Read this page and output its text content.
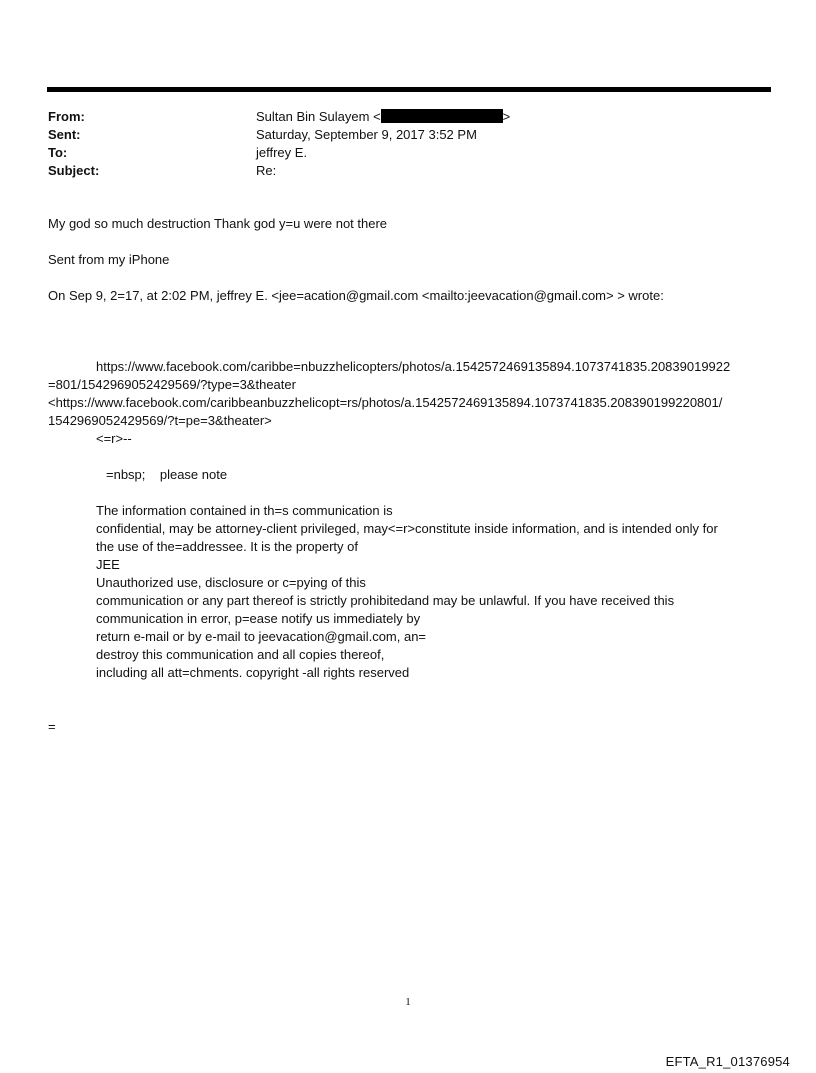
From:	Sultan Bin Sulayem <	>
Sent:	Saturday, September 9, 2017 3:52 PM
To:	jeffrey E.
Subject:	Re:
My god so much destruction Thank god y=u were not there
Sent from my iPhone
On Sep 9, 2=17, at 2:02 PM, jeffrey E. <jee=acation@gmail.com <mailto:jeevacation@gmail.com> > wrote:
https://www.facebook.com/caribbe=nbuzzhelicopters/photos/a.1542572469135894.1073741835.20839019922
=801/1542969052429569/?type=3&theater
<https://www.facebook.com/caribbeanbuzzhelicopt=rs/photos/a.1542572469135894.1073741835.208390199220801/
1542969052429569/?t=pe=3&theater>
<=r>--
=nbsp;    please note
The information contained in th=s communication is
confidential, may be attorney-client privileged, may<=r>constitute inside information, and is intended only for
the use of the=addressee. It is the property of
JEE
Unauthorized use, disclosure or c=pying of this
communication or any part thereof is strictly prohibitedand may be unlawful. If you have received this
communication in error, p=ease notify us immediately by
return e-mail or by e-mail to jeevacation@gmail.com, an=
destroy this communication and all copies thereof,
including all att=chments. copyright -all rights reserved
=
1
EFTA_R1_01376954
